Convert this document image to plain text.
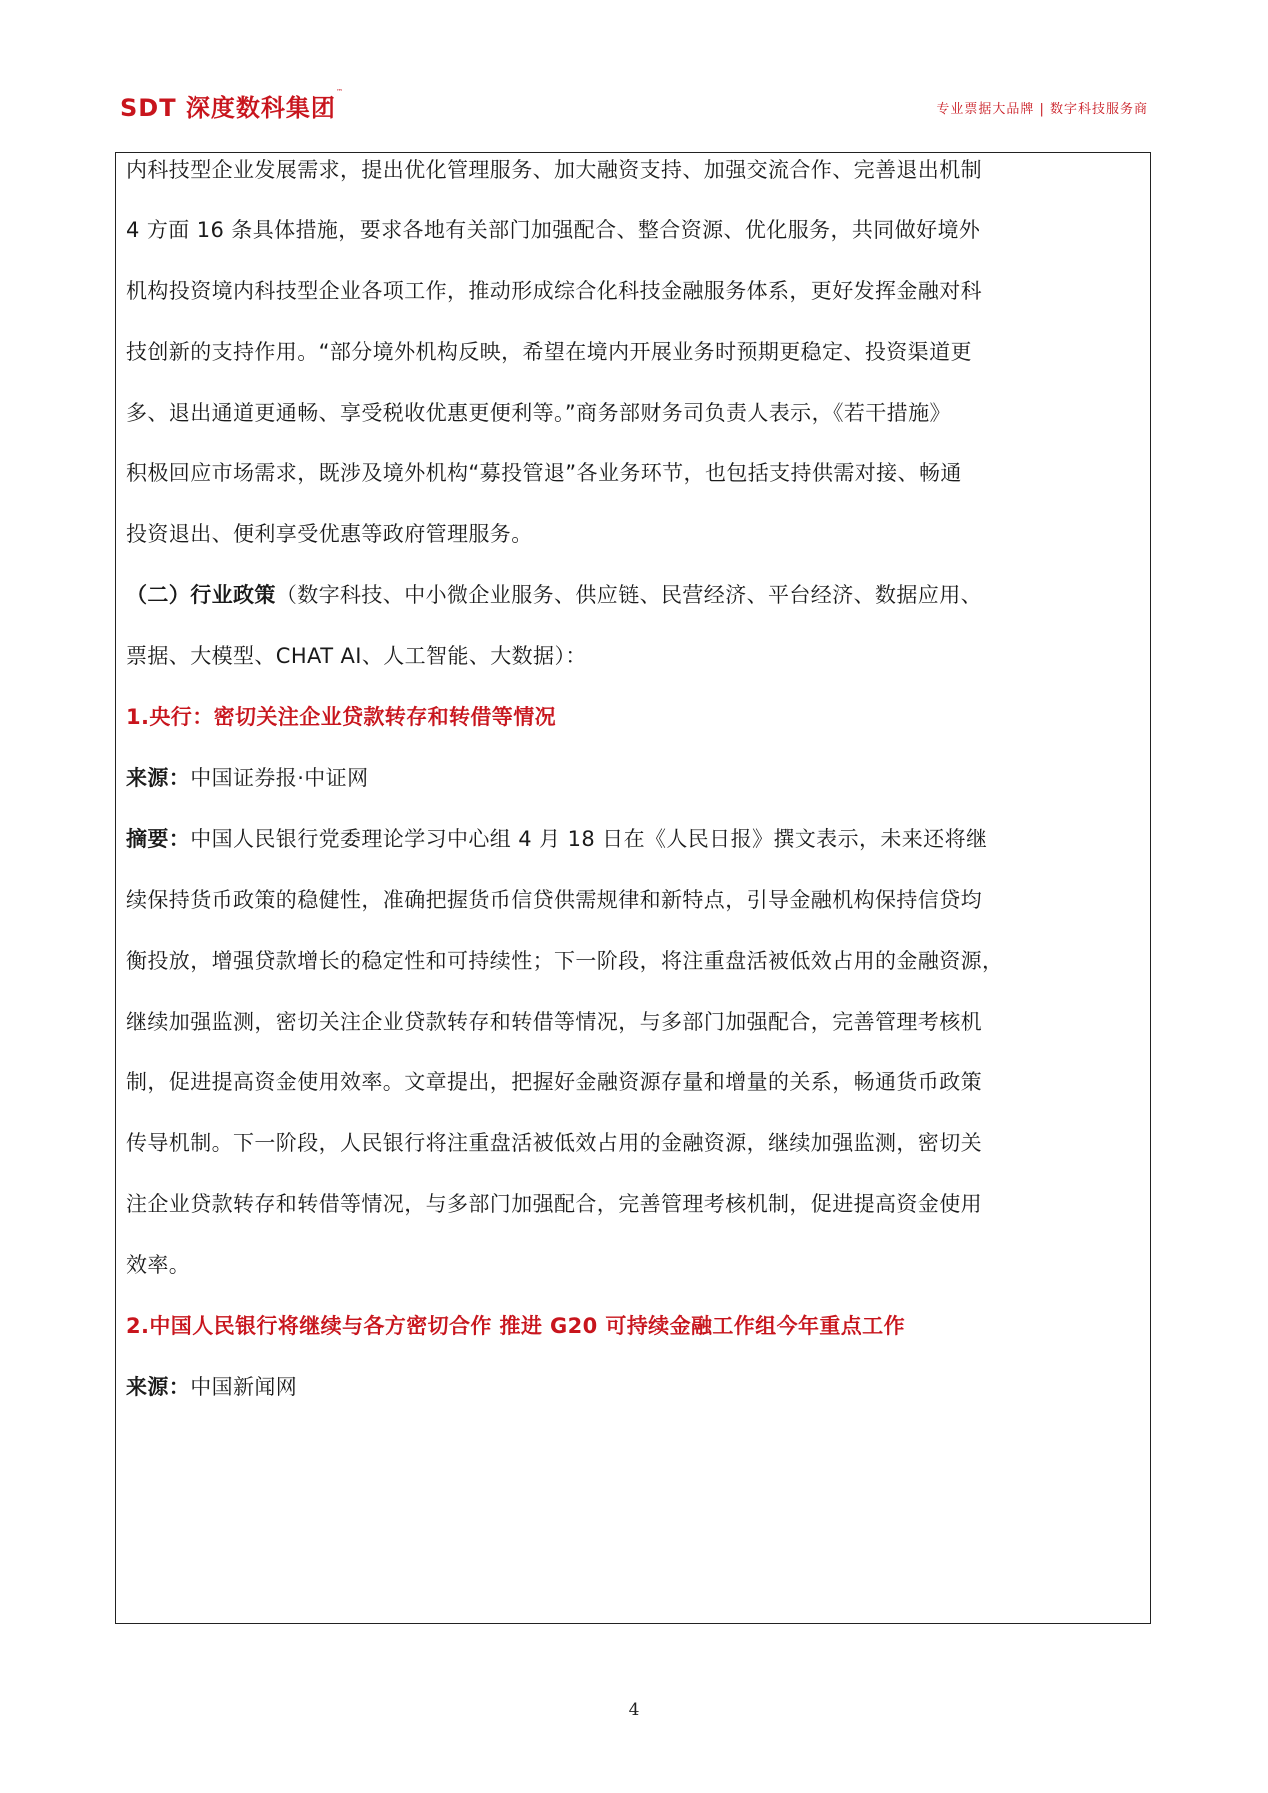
SDT 深度数科集团™
专业票据大品牌 | 数字科技服务商
内科技型企业发展需求，提出优化管理服务、加大融资支持、加强交流合作、完善退出机制
4 方面 16 条具体措施，要求各地有关部门加强配合、整合资源、优化服务，共同做好境外
机构投资境内科技型企业各项工作，推动形成综合化科技金融服务体系，更好发挥金融对科
技创新的支持作用。“部分境外机构反映，希望在境内开展业务时预期更稳定、投资渠道更
多、退出通道更通畅、享受税收优惠更便利等。”商务部财务司负责人表示，《若干措施》
积极回应市场需求，既涉及境外机构“募投管退”各业务环节，也包括支持供需对接、畅通
投资退出、便利享受优惠等政府管理服务。
（二）行业政策（数字科技、中小微企业服务、供应链、民营经济、平台经济、数据应用、
票据、大模型、CHAT AI、人工智能、大数据）：
1.央行：密切关注企业贷款转存和转借等情况
来源：中国证券报·中证网
摘要：中国人民银行党委理论学习中心组 4 月 18 日在《人民日报》撰文表示，未来还将继
续保持货币政策的稳健性，准确把握货币信贷供需规律和新特点，引导金融机构保持信贷均
衡投放，增强贷款增长的稳定性和可持续性；下一阶段，将注重盘活被低效占用的金融资源，
继续加强监测，密切关注企业贷款转存和转借等情况，与多部门加强配合，完善管理考核机
制，促进提高资金使用效率。文章提出，把握好金融资源存量和增量的关系，畅通货币政策
传导机制。下一阶段，人民银行将注重盘活被低效占用的金融资源，继续加强监测，密切关
注企业贷款转存和转借等情况，与多部门加强配合，完善管理考核机制，促进提高资金使用
效率。
2.中国人民银行将继续与各方密切合作 推进 G20 可持续金融工作组今年重点工作
来源：中国新闻网
4
